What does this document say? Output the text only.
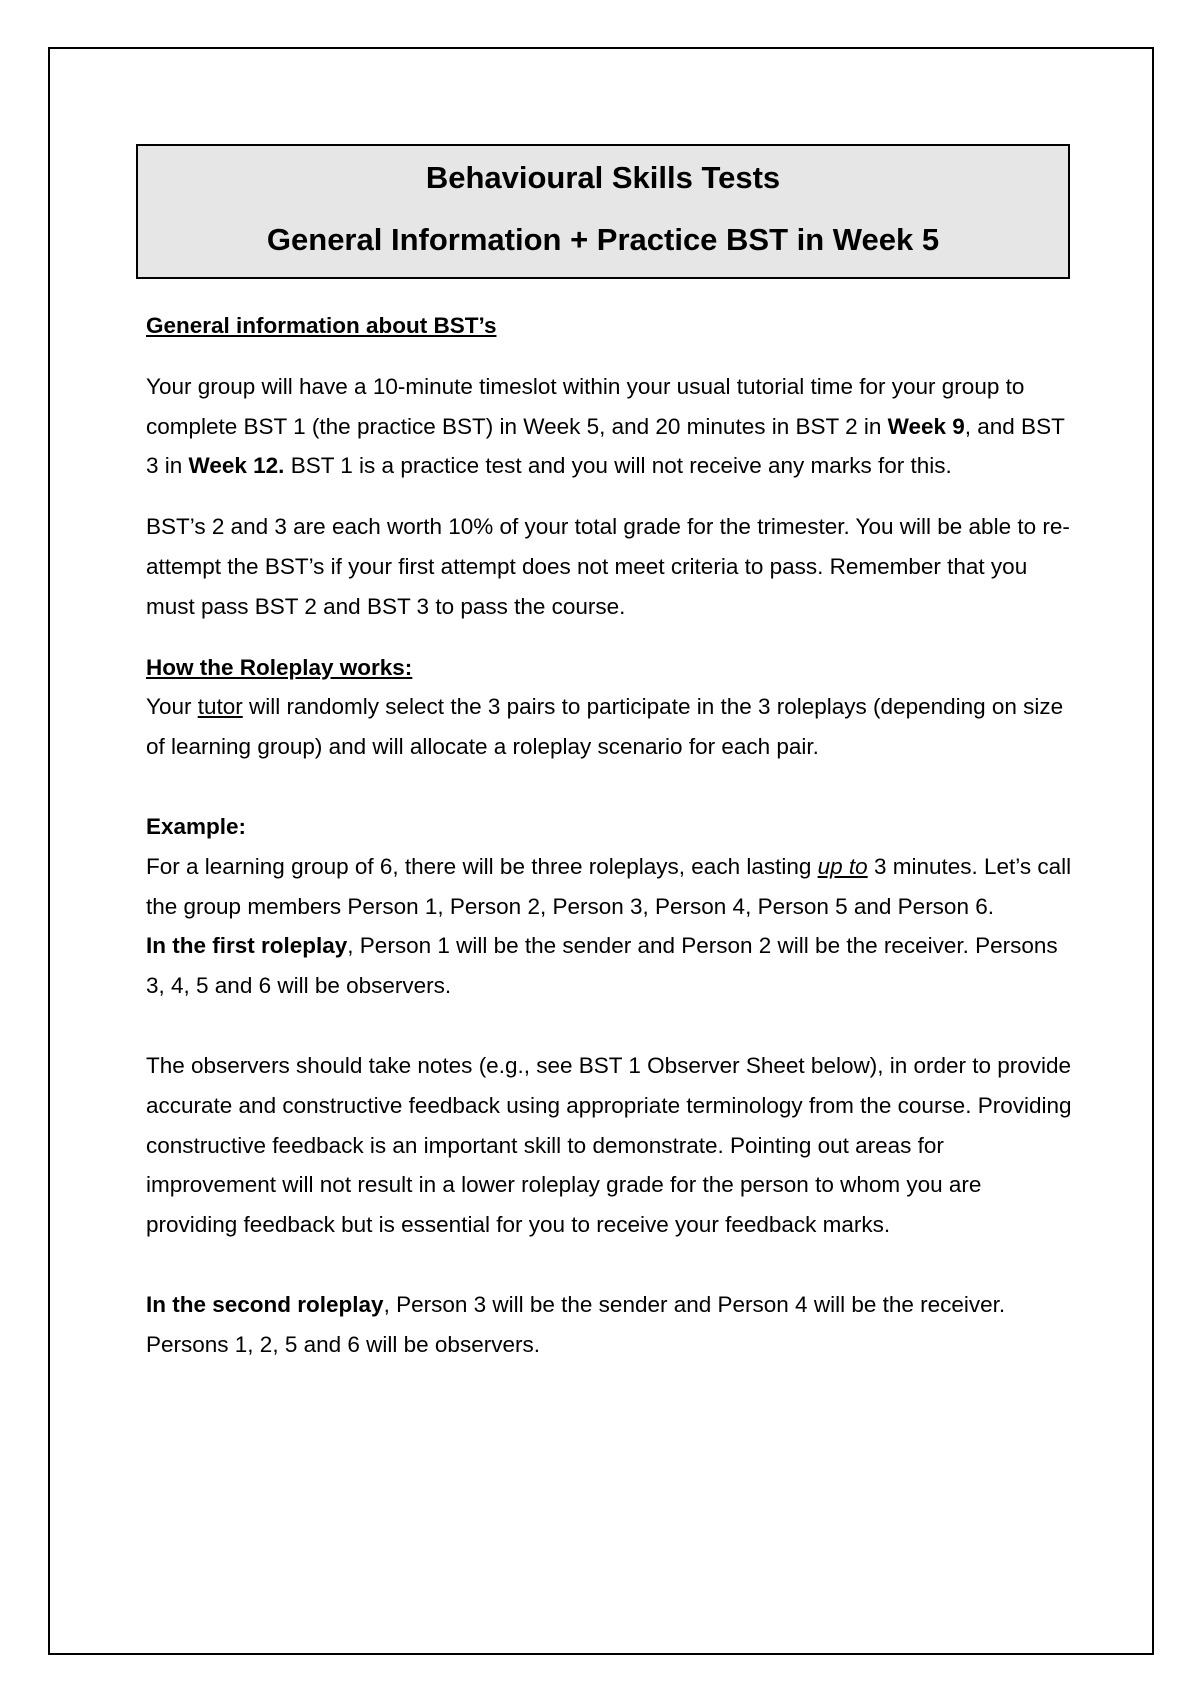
Behavioural Skills Tests
General Information + Practice BST in Week 5

General information about BST’s

Your group will have a 10-minute timeslot within your usual tutorial time for your group to complete BST 1 (the practice BST) in Week 5, and 20 minutes in BST 2 in Week 9, and BST 3 in Week 12. BST 1 is a practice test and you will not receive any marks for this.

BST’s 2 and 3 are each worth 10% of your total grade for the trimester. You will be able to re-attempt the BST’s if your first attempt does not meet criteria to pass. Remember that you must pass BST 2 and BST 3 to pass the course.

How the Roleplay works:

Your tutor will randomly select the 3 pairs to participate in the 3 roleplays (depending on size of learning group) and will allocate a roleplay scenario for each pair.

Example:

For a learning group of 6, there will be three roleplays, each lasting up to 3 minutes. Let’s call the group members Person 1, Person 2, Person 3, Person 4, Person 5 and Person 6.

In the first roleplay, Person 1 will be the sender and Person 2 will be the receiver. Persons 3, 4, 5 and 6 will be observers.

The observers should take notes (e.g., see BST 1 Observer Sheet below), in order to provide accurate and constructive feedback using appropriate terminology from the course. Providing constructive feedback is an important skill to demonstrate. Pointing out areas for improvement will not result in a lower roleplay grade for the person to whom you are providing feedback but is essential for you to receive your feedback marks.

In the second roleplay, Person 3 will be the sender and Person 4 will be the receiver. Persons 1, 2, 5 and 6 will be observers.
